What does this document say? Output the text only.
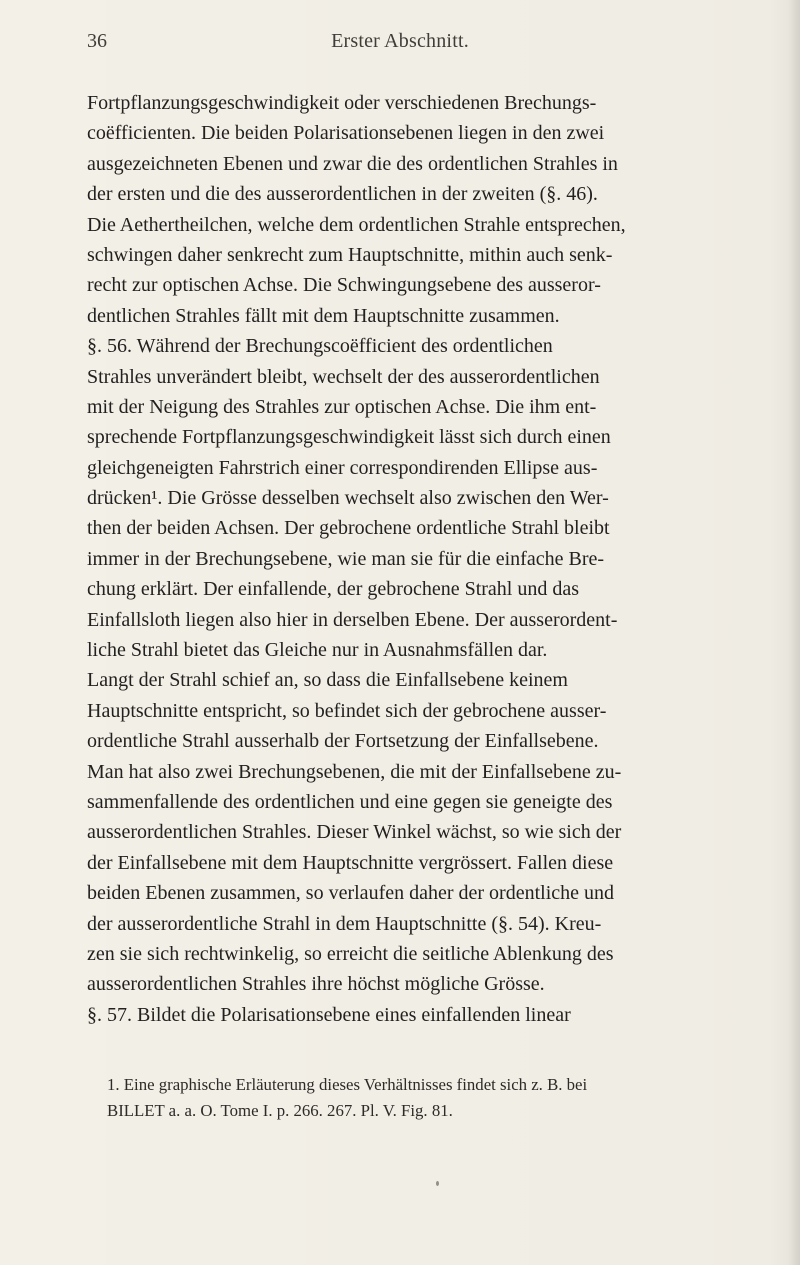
36	Erster Abschnitt.
Fortpflanzungsgeschwindigkeit oder verschiedenen Brechungs-
coëfficienten. Die beiden Polarisationsebenen liegen in den zwei
ausgezeichneten Ebenen und zwar die des ordentlichen Strahles in
der ersten und die des ausserordentlichen in der zweiten (§. 46).
Die Aethertheilchen, welche dem ordentlichen Strahle entsprechen,
schwingen daher senkrecht zum Hauptschnitte, mithin auch senk-
recht zur optischen Achse. Die Schwingungsebene des ausseror-
dentlichen Strahles fällt mit dem Hauptschnitte zusammen.
§. 56. Während der Brechungscoëfficient des ordentlichen
Strahles unverändert bleibt, wechselt der des ausserordentlichen
mit der Neigung des Strahles zur optischen Achse. Die ihm ent-
sprechende Fortpflanzungsgeschwindigkeit lässt sich durch einen
gleichgeneigten Fahrstrich einer correspondirenden Ellipse aus-
drücken¹. Die Grösse desselben wechselt also zwischen den Wer-
then der beiden Achsen. Der gebrochene ordentliche Strahl bleibt
immer in der Brechungsebene, wie man sie für die einfache Bre-
chung erklärt. Der einfallende, der gebrochene Strahl und das
Einfallsloth liegen also hier in derselben Ebene. Der ausserordent-
liche Strahl bietet das Gleiche nur in Ausnahmsfällen dar.
Langt der Strahl schief an, so dass die Einfallsebene keinem
Hauptschnitte entspricht, so befindet sich der gebrochene ausser-
ordentliche Strahl ausserhalb der Fortsetzung der Einfallsebene.
Man hat also zwei Brechungsebenen, die mit der Einfallsebene zu-
sammenfallende des ordentlichen und eine gegen sie geneigte des
ausserordentlichen Strahles. Dieser Winkel wächst, so wie sich der
der Einfallsebene mit dem Hauptschnitte vergrössert. Fallen diese
beiden Ebenen zusammen, so verlaufen daher der ordentliche und
der ausserordentliche Strahl in dem Hauptschnitte (§. 54). Kreu-
zen sie sich rechtwinkelig, so erreicht die seitliche Ablenkung des
ausserordentlichen Strahles ihre höchst mögliche Grösse.
§. 57. Bildet die Polarisationsebene eines einfallenden linear
1. Eine graphische Erläuterung dieses Verhältnisses findet sich z. B. bei
BILLET a. a. O. Tome I. p. 266. 267. Pl. V. Fig. 81.
